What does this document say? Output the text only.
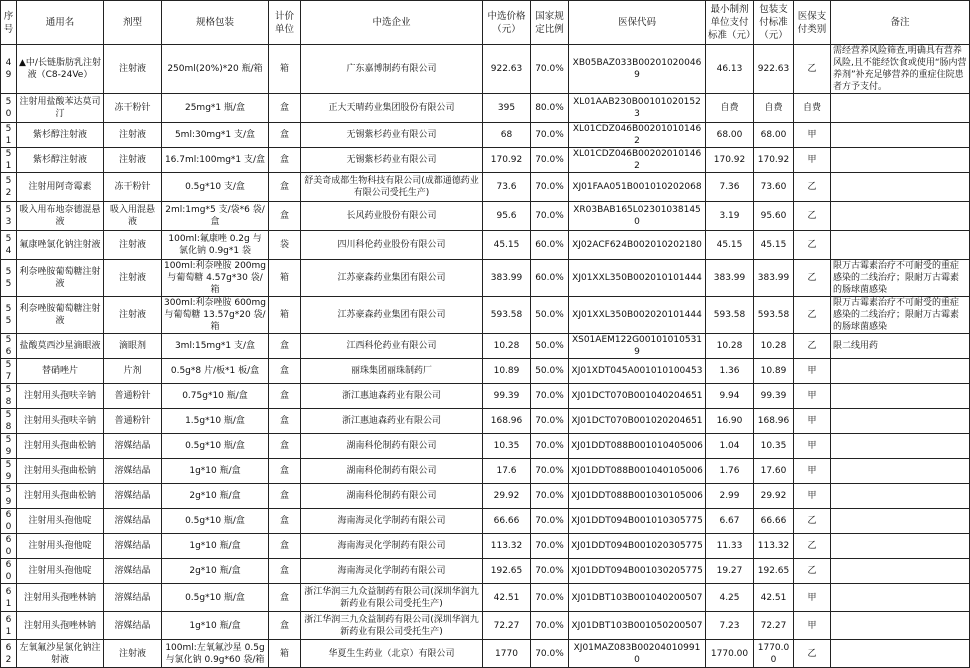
序号	通用名	剂型	规格包装	计价单位	中选企业	中选价格（元）	国家规定比例	医保代码	最小制剂单位支付标准（元）	包装支付标准（元）	医保支付类别	备注
49	▲中/长链脂肪乳注射液（C8-24Ve）	注射液	250ml(20%)*20 瓶/箱	箱	广东嘉博制药有限公司	922.63	70.0%	XB05BAZ033B002010200469	46.13	922.63	乙	需经营养风险筛查,明确具有营养风险,且不能经饮食或使用“肠内营养剂”补充足够营养的重症住院患者方予支付。
50	注射用盐酸苯达莫司汀	冻干粉针	25mg*1 瓶/盒	盒	正大天晴药业集团股份有限公司	395	80.0%	XL01AAB230B001010201523	自费	自费	自费	
51	紫杉醇注射液	注射液	5ml:30mg*1 支/盒	盒	无锡紫杉药业有限公司	68	70.0%	XL01CDZ046B002010101462	68.00	68.00	甲	
51	紫杉醇注射液	注射液	16.7ml:100mg*1 支/盒	盒	无锡紫杉药业有限公司	170.92	70.0%	XL01CDZ046B002020101462	170.92	170.92	甲	
52	注射用阿奇霉素	冻干粉针	0.5g*10 支/盒	盒	舒美奇成都生物科技有限公司(成都通德药业有限公司受托生产)	73.6	70.0%	XJ01FAA051B001010202068	7.36	73.60	乙	
53	吸入用布地奈德混悬液	吸入用混悬液	2ml:1mg*5 支/袋*6 袋/盒	盒	长风药业股份有限公司	95.6	70.0%	XR03BAB165L023010381450	3.19	95.60	乙	
54	氟康唑氯化钠注射液	注射液	100ml:氟康唑 0.2g 与氯化钠 0.9g*1 袋	袋	四川科伦药业股份有限公司	45.15	60.0%	XJ02ACF624B002010202180	45.15	45.15	乙	
55	利奈唑胺葡萄糖注射液	注射液	100ml:利奈唑胺 200mg与葡萄糖 4.57g*30 袋/箱	箱	江苏豪森药业集团有限公司	383.99	60.0%	XJ01XXL350B002010101444	383.99	383.99	乙	限万古霉素治疗不可耐受的重症感染的二线治疗；限耐万古霉素的肠球菌感染
55	利奈唑胺葡萄糖注射液	注射液	300ml:利奈唑胺 600mg 与葡萄糖 13.57g*20 袋/箱	箱	江苏豪森药业集团有限公司	593.58	50.0%	XJ01XXL350B002020101444	593.58	593.58	乙	限万古霉素治疗不可耐受的重症感染的二线治疗；限耐万古霉素的肠球菌感染
56	盐酸莫西沙星滴眼液	滴眼剂	3ml:15mg*1 支/盒	盒	江西科伦药业有限公司	10.28	50.0%	XS01AEM122G001010105319	10.28	10.28	乙	限二线用药
57	替硝唑片	片剂	0.5g*8 片/板*1 板/盒	盒	丽珠集团丽珠制药厂	10.89	50.0%	XJ01XDT045A001010100453	1.36	10.89	甲	
58	注射用头孢呋辛钠	普通粉针	0.75g*10 瓶/盒	盒	浙江惠迪森药业有限公司	99.39	70.0%	XJ01DCT070B001040204651	9.94	99.39	甲	
58	注射用头孢呋辛钠	普通粉针	1.5g*10 瓶/盒	盒	浙江惠迪森药业有限公司	168.96	70.0%	XJ01DCT070B001020204651	16.90	168.96	甲	
59	注射用头孢曲松钠	溶媒结晶	0.5g*10 瓶/盒	盒	湖南科伦制药有限公司	10.35	70.0%	XJ01DDT088B001010405006	1.04	10.35	甲	
59	注射用头孢曲松钠	溶媒结晶	1g*10 瓶/盒	盒	湖南科伦制药有限公司	17.6	70.0%	XJ01DDT088B001040105006	1.76	17.60	甲	
59	注射用头孢曲松钠	溶媒结晶	2g*10 瓶/盒	盒	湖南科伦制药有限公司	29.92	70.0%	XJ01DDT088B001030105006	2.99	29.92	甲	
60	注射用头孢他啶	溶媒结晶	0.5g*10 瓶/盒	盒	海南海灵化学制药有限公司	66.66	70.0%	XJ01DDT094B001010305775	6.67	66.66	乙	
60	注射用头孢他啶	溶媒结晶	1g*10 瓶/盒	盒	海南海灵化学制药有限公司	113.32	70.0%	XJ01DDT094B001020305775	11.33	113.32	乙	
60	注射用头孢他啶	溶媒结晶	2g*10 瓶/盒	盒	海南海灵化学制药有限公司	192.65	70.0%	XJ01DDT094B001030205775	19.27	192.65	乙	
61	注射用头孢唑林钠	溶媒结晶	0.5g*10 瓶/盒	盒	浙江华润三九众益制药有限公司(深圳华润九新药业有限公司受托生产)	42.51	70.0%	XJ01DBT103B001040200507	4.25	42.51	甲	
61	注射用头孢唑林钠	溶媒结晶	1g*10 瓶/盒	盒	浙江华润三九众益制药有限公司(深圳华润九新药业有限公司受托生产)	72.27	70.0%	XJ01DBT103B001050200507	7.23	72.27	甲	
62	左氧氟沙星氯化钠注射液	注射液	100ml:左氧氟沙星 0.5g与氯化钠 0.9g*60 袋/箱	箱	华夏生生药业（北京）有限公司	1770	70.0%	XJ01MAZ083B002040109910	1770.00	1770.00	乙	
